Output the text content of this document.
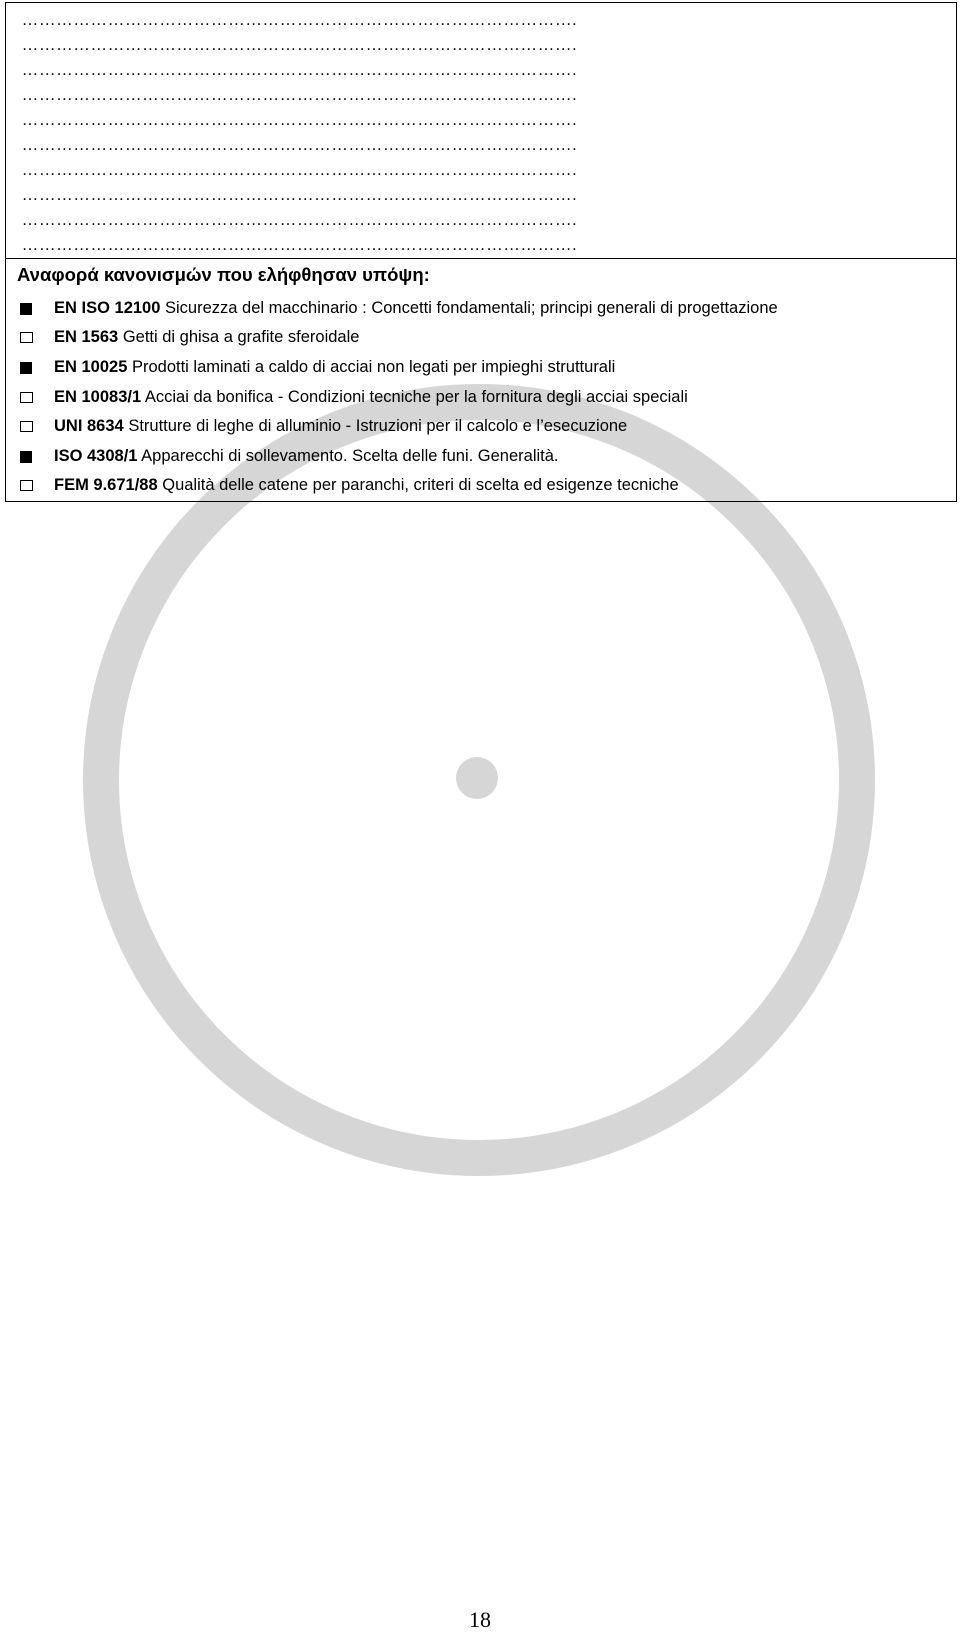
…………………………………………………………………………………….
…………………………………………………………………………………….
…………………………………………………………………………………….
…………………………………………………………………………………….
…………………………………………………………………………………….
…………………………………………………………………………………….
…………………………………………………………………………………….
…………………………………………………………………………………….
…………………………………………………………………………………….
…………………………………………………………………………………….
Αναφορά κανονισμών που ελήφθησαν υπόψη:
EN ISO 12100 Sicurezza del macchinario : Concetti fondamentali; principi generali di progettazione
EN 1563 Getti di ghisa a grafite sferoidale
EN 10025 Prodotti laminati a caldo di acciai non legati per impieghi strutturali
EN 10083/1 Acciai da bonifica - Condizioni tecniche per la fornitura degli acciai speciali
UNI 8634 Strutture di leghe di alluminio - Istruzioni per il calcolo e l’esecuzione
ISO 4308/1 Apparecchi di sollevamento. Scelta delle funi. Generalità.
FEM 9.671/88 Qualità delle catene per paranchi, criteri di scelta ed esigenze tecniche
18
